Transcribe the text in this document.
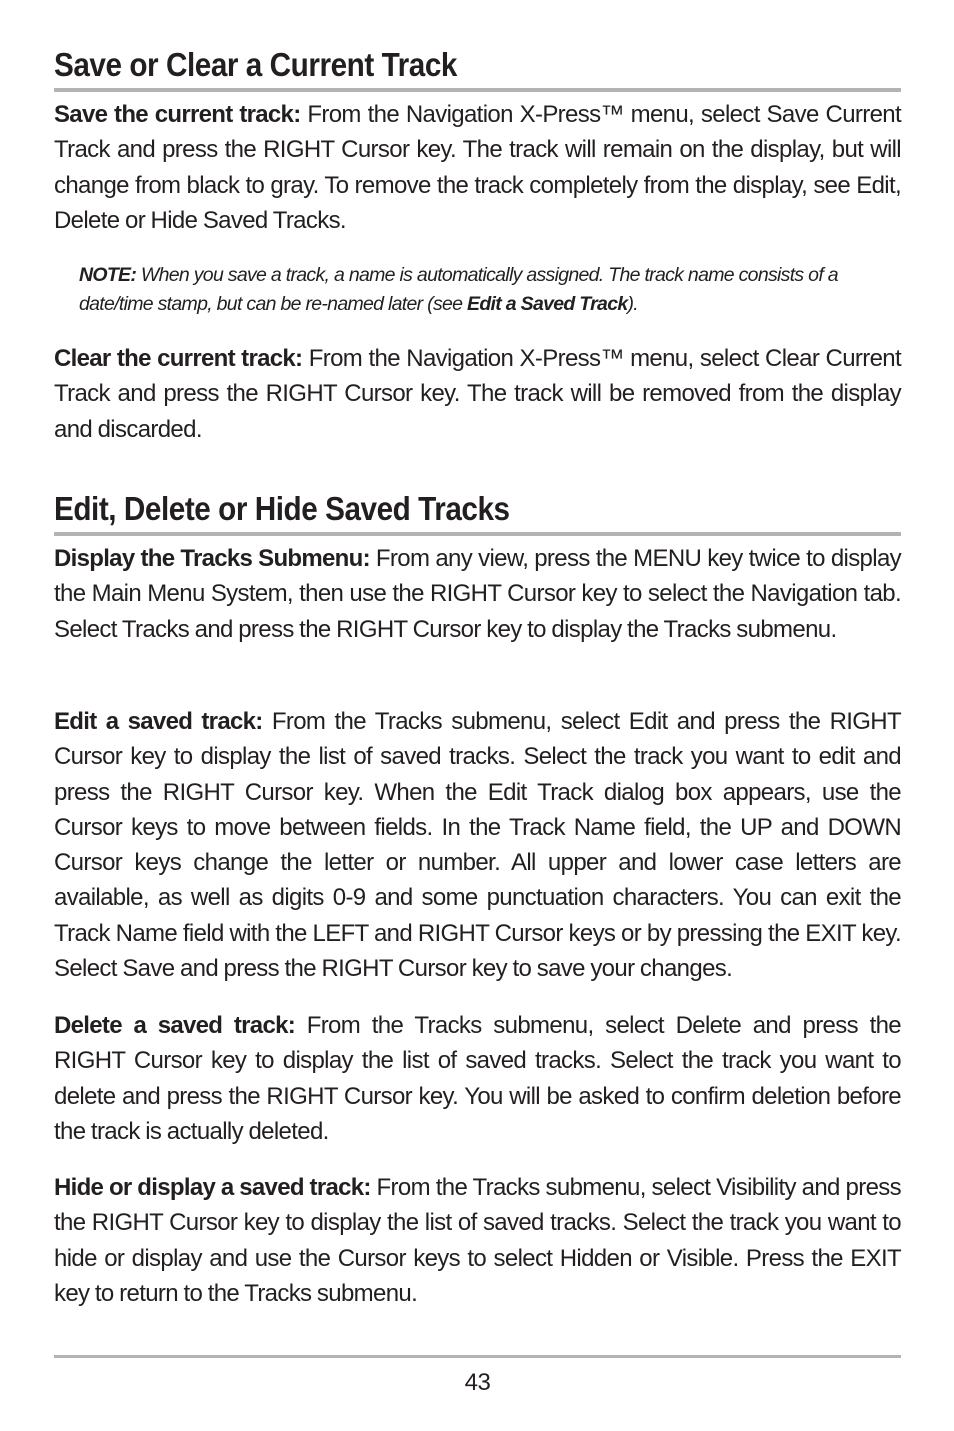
Save or Clear a Current Track

Save the current track: From the Navigation X-Press™ menu, select Save Current Track and press the RIGHT Cursor key. The track will remain on the display, but will change from black to gray. To remove the track completely from the display, see Edit, Delete or Hide Saved Tracks.

NOTE: When you save a track, a name is automatically assigned. The track name consists of a date/time stamp, but can be re-named later (see Edit a Saved Track).

Clear the current track: From the Navigation X-Press™ menu, select Clear Current Track and press the RIGHT Cursor key. The track will be removed from the display and discarded.

Edit, Delete or Hide Saved Tracks

Display the Tracks Submenu: From any view, press the MENU key twice to display the Main Menu System, then use the RIGHT Cursor key to select the Navigation tab. Select Tracks and press the RIGHT Cursor key to display the Tracks submenu.

Edit a saved track: From the Tracks submenu, select Edit and press the RIGHT Cursor key to display the list of saved tracks. Select the track you want to edit and press the RIGHT Cursor key. When the Edit Track dialog box appears, use the Cursor keys to move between fields. In the Track Name field, the UP and DOWN Cursor keys change the letter or number. All upper and lower case letters are available, as well as digits 0-9 and some punctuation characters. You can exit the Track Name field with the LEFT and RIGHT Cursor keys or by pressing the EXIT key. Select Save and press the RIGHT Cursor key to save your changes.

Delete a saved track: From the Tracks submenu, select Delete and press the RIGHT Cursor key to display the list of saved tracks. Select the track you want to delete and press the RIGHT Cursor key. You will be asked to confirm deletion before the track is actually deleted.

Hide or display a saved track: From the Tracks submenu, select Visibility and press the RIGHT Cursor key to display the list of saved tracks. Select the track you want to hide or display and use the Cursor keys to select Hidden or Visible. Press the EXIT key to return to the Tracks submenu.

43
